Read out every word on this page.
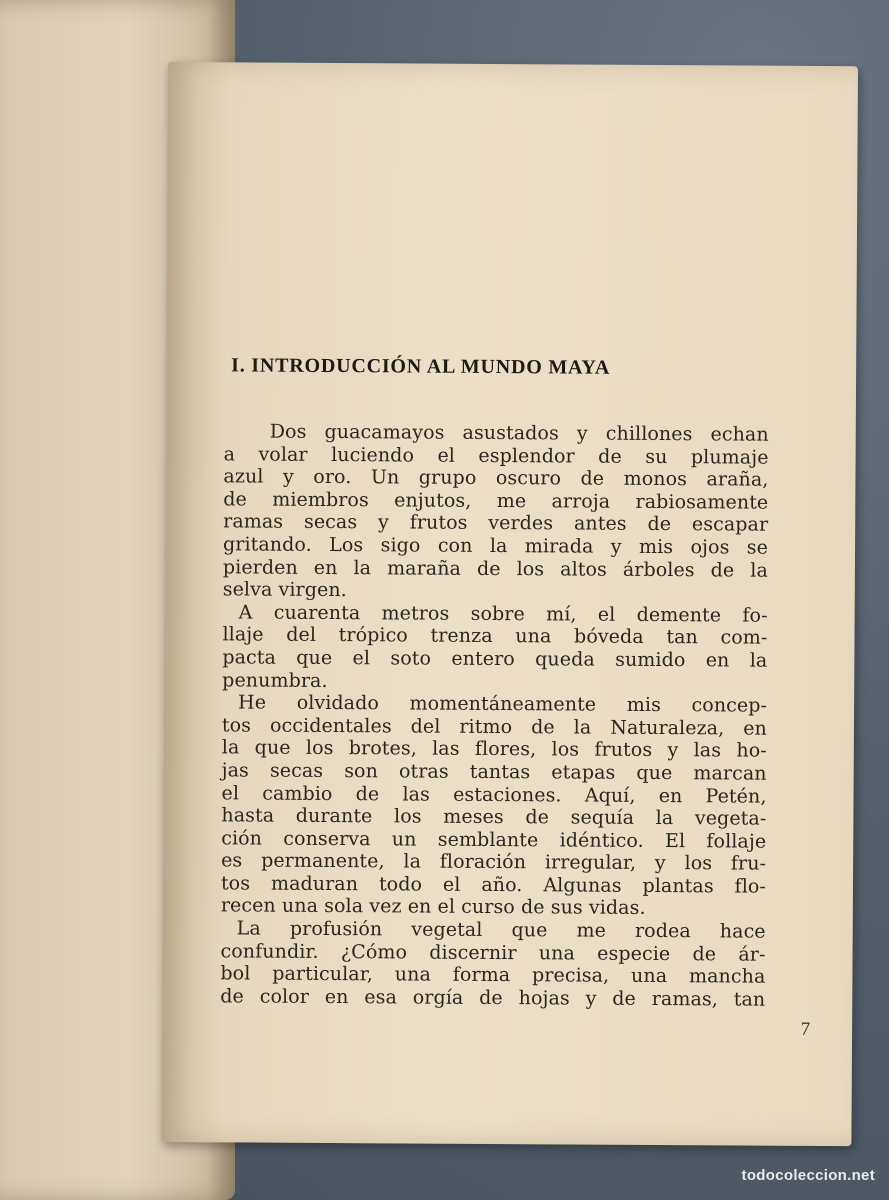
I. INTRODUCCIÓN AL MUNDO MAYA
Dos guacamayos asustados y chillones echan
a volar luciendo el esplendor de su plumaje
azul y oro. Un grupo oscuro de monos araña,
de miembros enjutos, me arroja rabiosamente
ramas secas y frutos verdes antes de escapar
gritando. Los sigo con la mirada y mis ojos se
pierden en la maraña de los altos árboles de la
selva virgen.
A cuarenta metros sobre mí, el demente fo-
llaje del trópico trenza una bóveda tan com-
pacta que el soto entero queda sumido en la
penumbra.
He olvidado momentáneamente mis concep-
tos occidentales del ritmo de la Naturaleza, en
la que los brotes, las flores, los frutos y las ho-
jas secas son otras tantas etapas que marcan
el cambio de las estaciones. Aquí, en Petén,
hasta durante los meses de sequía la vegeta-
ción conserva un semblante idéntico. El follaje
es permanente, la floración irregular, y los fru-
tos maduran todo el año. Algunas plantas flo-
recen una sola vez en el curso de sus vidas.
La profusión vegetal que me rodea hace
confundir. ¿Cómo discernir una especie de ár-
bol particular, una forma precisa, una mancha
de color en esa orgía de hojas y de ramas, tan
7
todocoleccion.net
